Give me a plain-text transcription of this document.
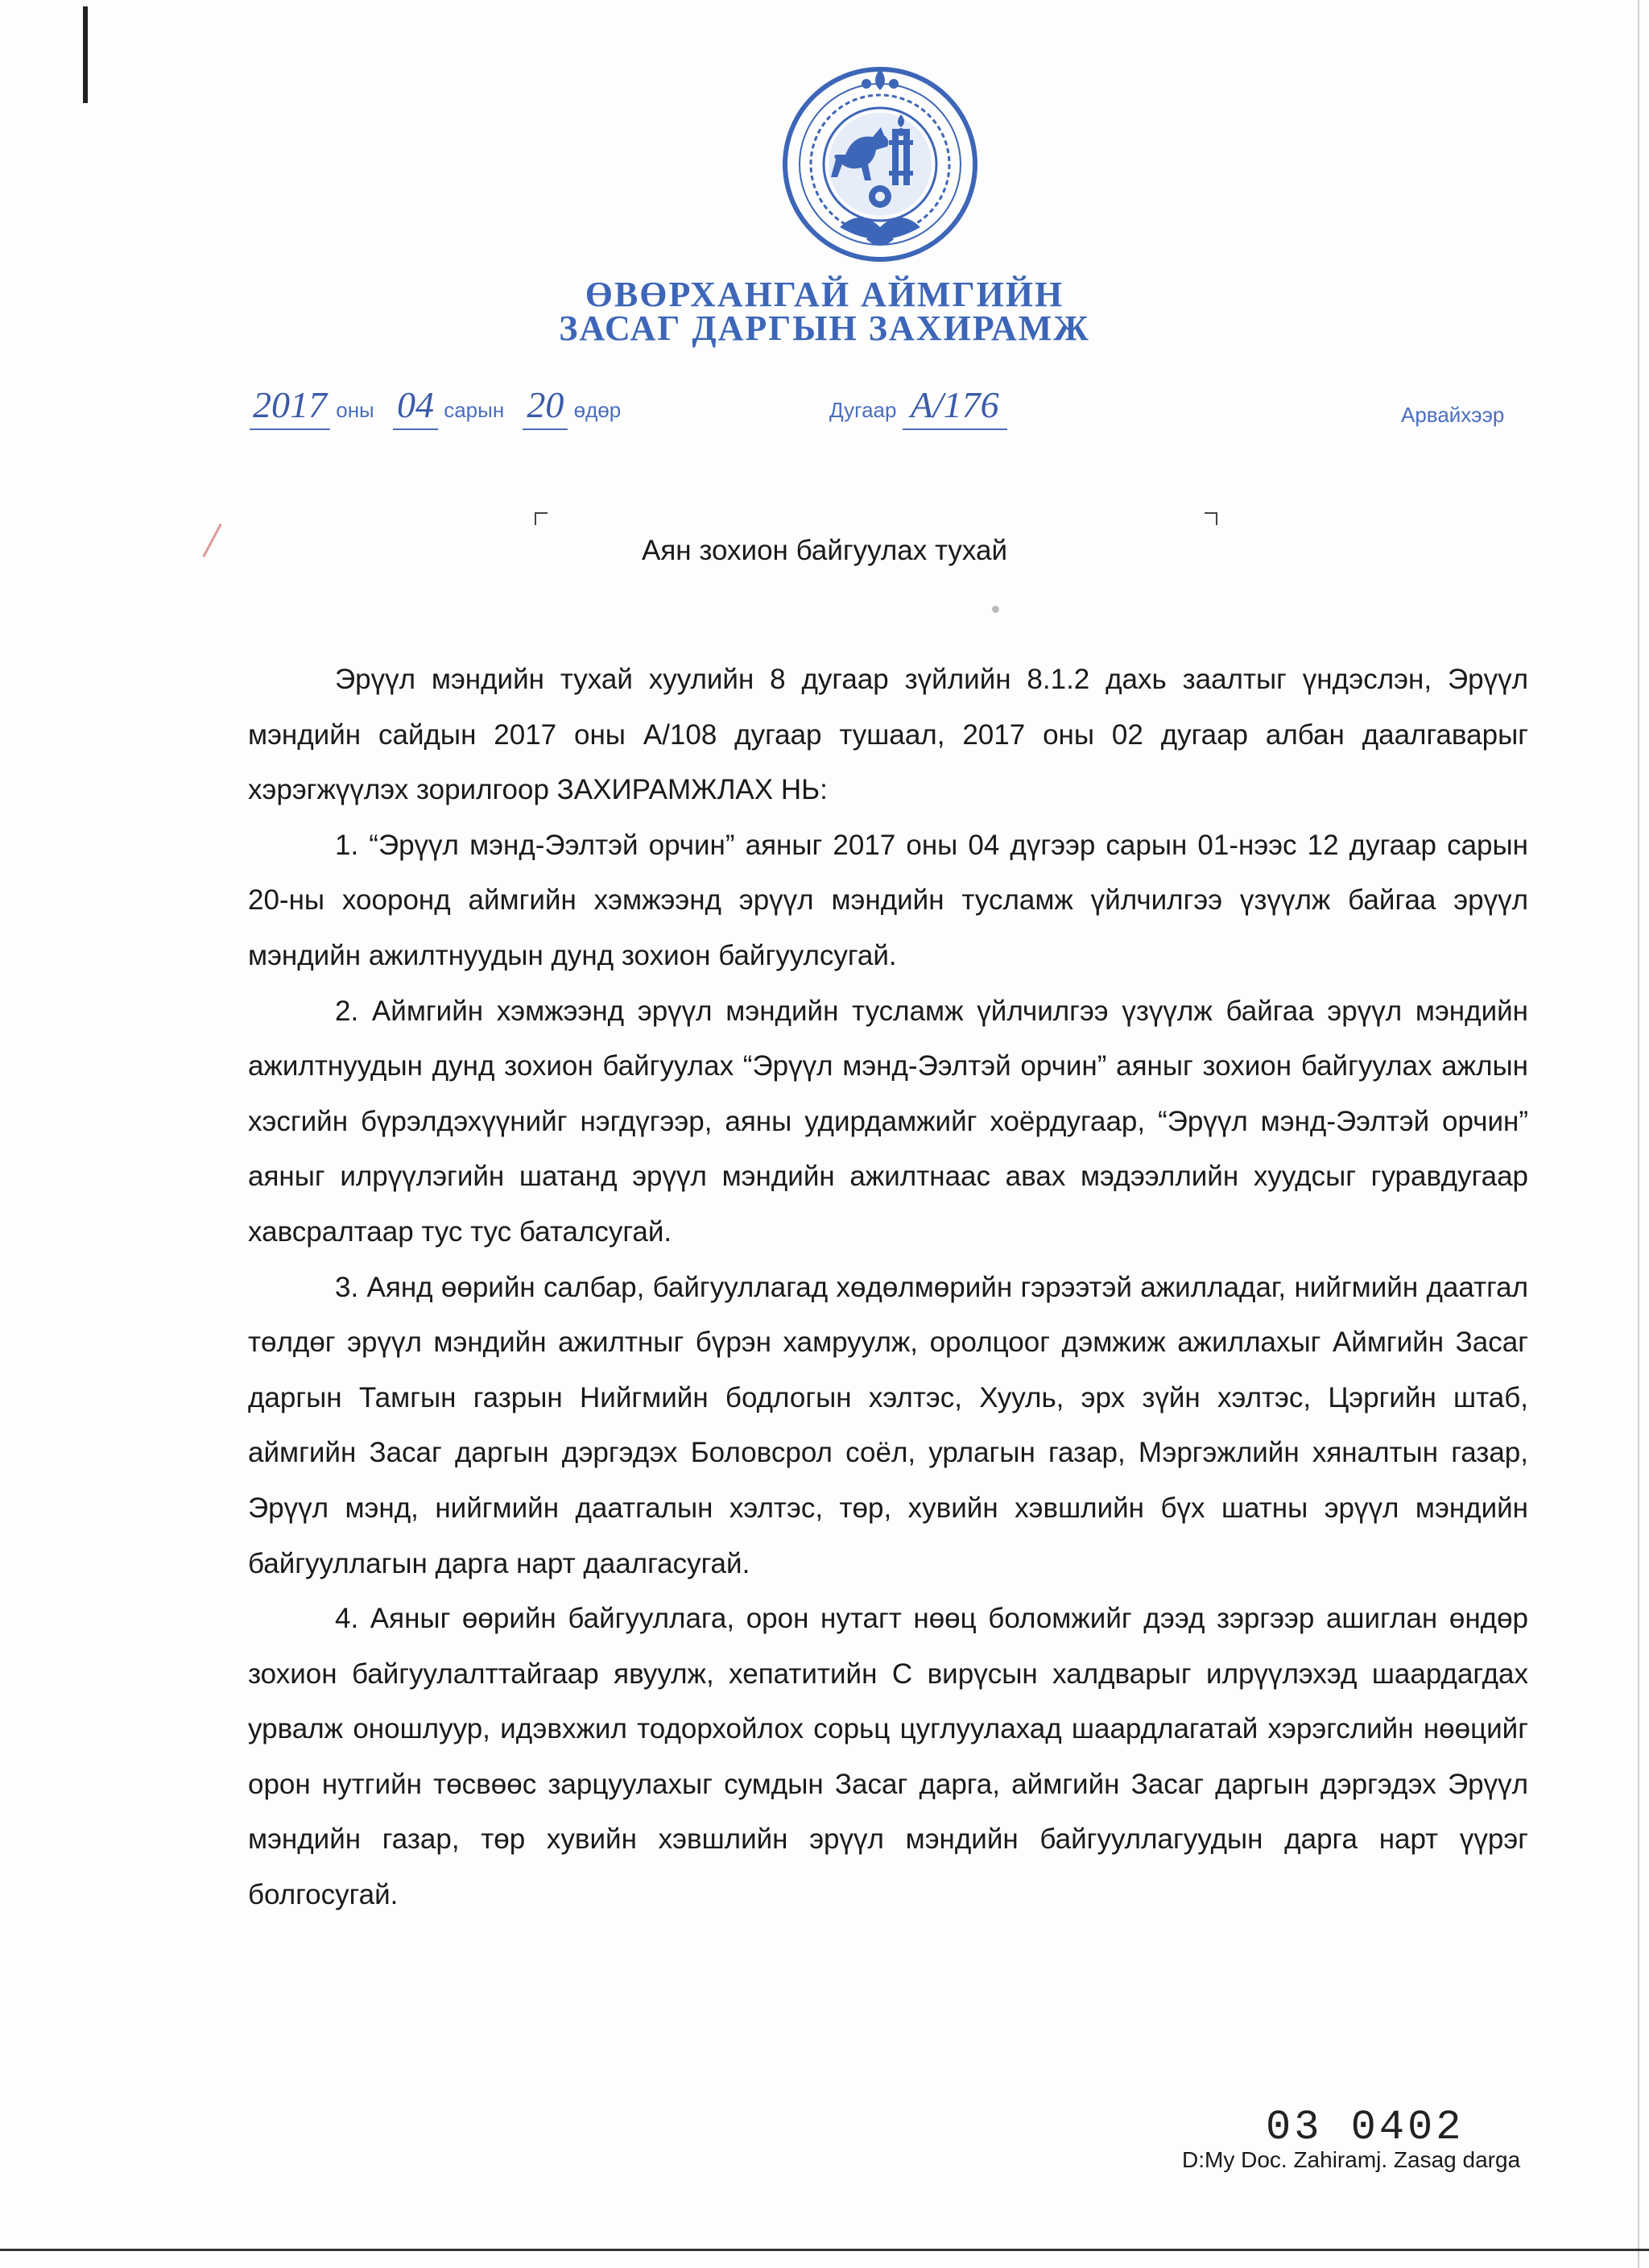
ӨВӨРХАНГАЙ АЙМГИЙН
ЗАСАГ ДАРГЫН ЗАХИРАМЖ
2017 оны 04 сарын 20 өдөр	Дугаар А/176	Арвайхээр
Аян зохион байгуулах тухай

Эрүүл мэндийн тухай хуулийн 8 дугаар зүйлийн 8.1.2 дахь заалтыг үндэслэн, Эрүүл мэндийн сайдын 2017 оны А/108 дугаар тушаал, 2017 оны 02 дугаар албан даалгаварыг хэрэгжүүлэх зорилгоор ЗАХИРАМЖЛАХ НЬ:

1. “Эрүүл мэнд-Ээлтэй орчин” аяныг 2017 оны 04 дүгээр сарын 01-нээс 12 дугаар сарын 20-ны хооронд аймгийн хэмжээнд эрүүл мэндийн тусламж үйлчилгээ үзүүлж байгаа эрүүл мэндийн ажилтнуудын дунд зохион байгуулсугай.

2. Аймгийн хэмжээнд эрүүл мэндийн тусламж үйлчилгээ үзүүлж байгаа эрүүл мэндийн ажилтнуудын дунд зохион байгуулах “Эрүүл мэнд-Ээлтэй орчин” аяныг зохион байгуулах ажлын хэсгийн бүрэлдэхүүнийг нэгдүгээр, аяны удирдамжийг хоёрдугаар, “Эрүүл мэнд-Ээлтэй орчин” аяныг илрүүлэгийн шатанд эрүүл мэндийн ажилтнаас авах мэдээллийн хуудсыг гуравдугаар хавсралтаар тус тус баталсугай.

3. Аянд өөрийн салбар, байгууллагад хөдөлмөрийн гэрээтэй ажилладаг, нийгмийн даатгал төлдөг эрүүл мэндийн ажилтныг бүрэн хамруулж, оролцоог дэмжиж ажиллахыг Аймгийн Засаг даргын Тамгын газрын Нийгмийн бодлогын хэлтэс, Хууль, эрх зүйн хэлтэс, Цэргийн штаб, аймгийн Засаг даргын дэргэдэх Боловсрол соёл, урлагын газар, Мэргэжлийн хяналтын газар, Эрүүл мэнд, нийгмийн даатгалын хэлтэс, төр, хувийн хэвшлийн бүх шатны эрүүл мэндийн байгууллагын дарга нарт даалгасугай.

4. Аяныг өөрийн байгууллага, орон нутагт нөөц боломжийг дээд зэргээр ашиглан өндөр зохион байгуулалттайгаар явуулж, хепатитийн С вирүсын халдварыг илрүүлэхэд шаардагдах урвалж оношлуур, идэвхжил тодорхойлох сорьц цуглуулахад шаардлагатай хэрэгслийн нөөцийг орон нутгийн төсвөөс зарцуулахыг сумдын Засаг дарга, аймгийн Засаг даргын дэргэдэх Эрүүл мэндийн газар, төр хувийн хэвшлийн эрүүл мэндийн байгууллагуудын дарга нарт үүрэг болгосугай.

03 0402
D:My Doc. Zahiramj. Zasag darga
